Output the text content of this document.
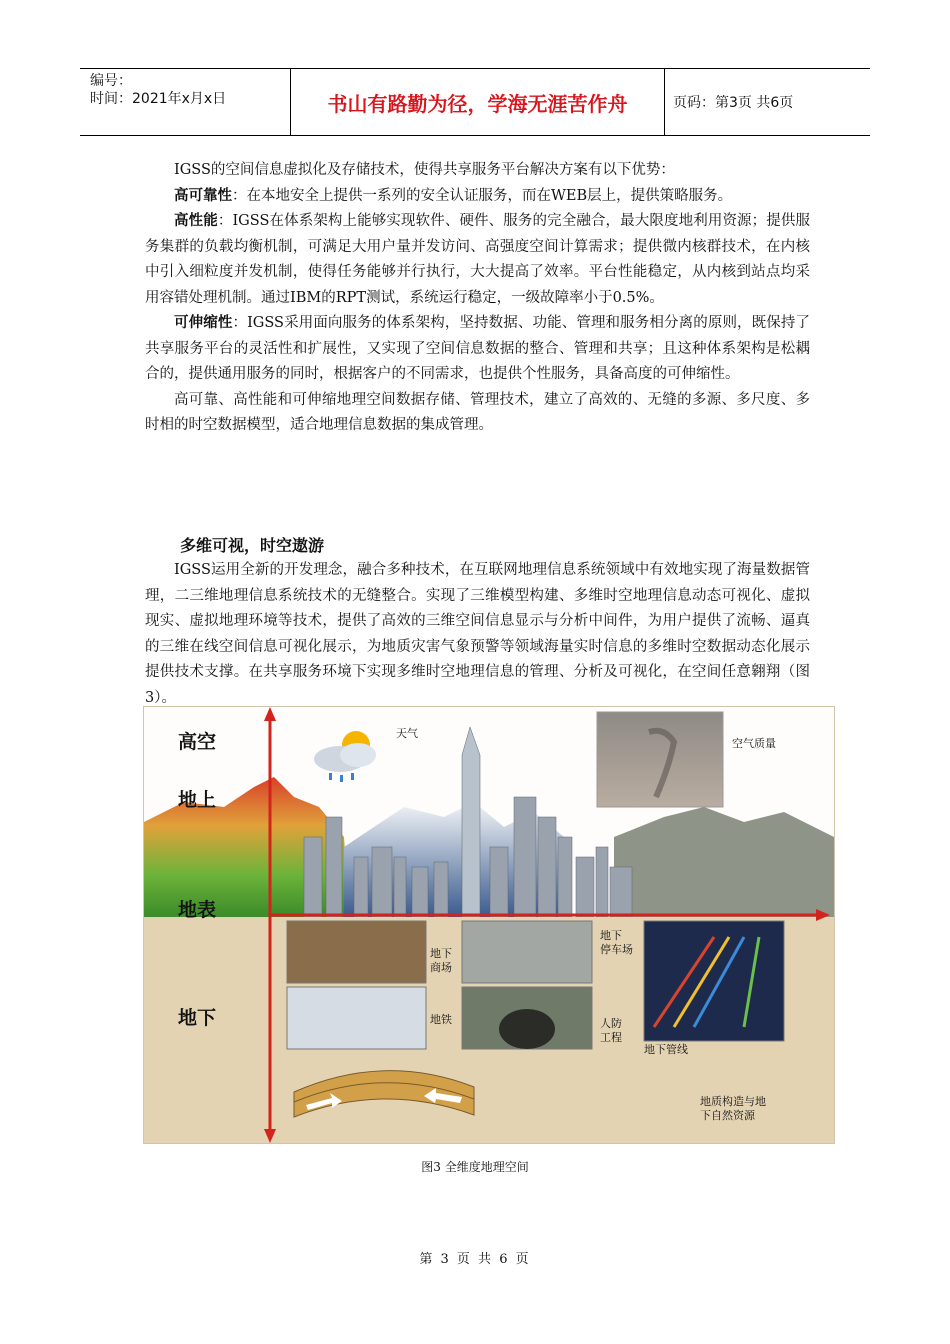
编号：
时间：2021年x月x日	书山有路勤为径，学海无涯苦作舟	页码：第3页 共6页

IGSS的空间信息虚拟化及存储技术，使得共享服务平台解决方案有以下优势：

高可靠性：在本地安全上提供一系列的安全认证服务，而在WEB层上，提供策略服务。

高性能：IGSS在体系架构上能够实现软件、硬件、服务的完全融合，最大限度地利用资源；提供服务集群的负载均衡机制，可满足大用户量并发访问、高强度空间计算需求；提供微内核群技术，在内核中引入细粒度并发机制，使得任务能够并行执行，大大提高了效率。平台性能稳定，从内核到站点均采用容错处理机制。通过IBM的RPT测试，系统运行稳定，一级故障率小于0.5%。

可伸缩性：IGSS采用面向服务的体系架构，坚持数据、功能、管理和服务相分离的原则，既保持了共享服务平台的灵活性和扩展性，又实现了空间信息数据的整合、管理和共享；且这种体系架构是松耦合的，提供通用服务的同时，根据客户的不同需求，也提供个性服务，具备高度的可伸缩性。

高可靠、高性能和可伸缩地理空间数据存储、管理技术，建立了高效的、无缝的多源、多尺度、多时相的时空数据模型，适合地理信息数据的集成管理。

多维可视，时空遨游

IGSS运用全新的开发理念，融合多种技术，在互联网地理信息系统领域中有效地实现了海量数据管理，二三维地理信息系统技术的无缝整合。实现了三维模型构建、多维时空地理信息动态可视化、虚拟现实、虚拟地理环境等技术，提供了高效的三维空间信息显示与分析中间件，为用户提供了流畅、逼真的三维在线空间信息可视化展示，为地质灾害气象预警等领域海量实时信息的多维时空数据动态化展示提供技术支撑。在共享服务环境下实现多维时空地理信息的管理、分析及可视化，在空间任意翱翔（图3）。

高空
地上
地表
地下
天气
空气质量
地下
商场
地下
停车场
地铁	人防
工程
地下管线
地质构造与地
下自然资源
图3 全维度地理空间
第 3 页 共 6 页
